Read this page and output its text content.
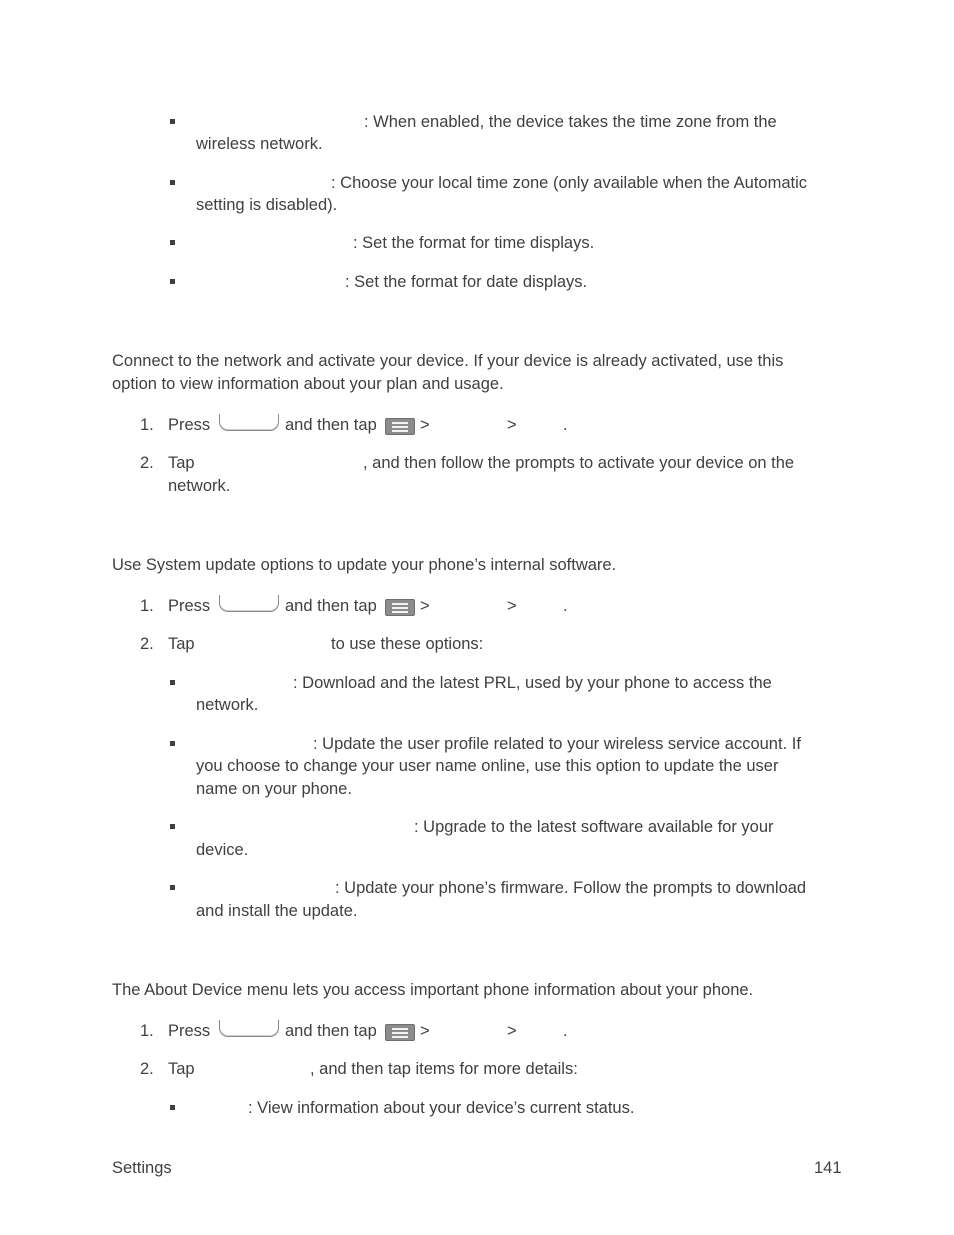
: When enabled, the device takes the time zone from the
wireless network.
: Choose your local time zone (only available when the Automatic
setting is disabled).
: Set the format for time displays.
: Set the format for date displays.
Connect to the network and activate your device. If your device is already activated, use this
option to view information about your plan and usage.
1. Press	and then tap	>	>	.
2. Tap	, and then follow the prompts to activate your device on the
network.
Use System update options to update your phone’s internal software.
1. Press	and then tap	>	>	.
2. Tap	to use these options:
: Download and the latest PRL, used by your phone to access the
network.
: Update the user profile related to your wireless service account. If
you choose to change your user name online, use this option to update the user
name on your phone.
: Upgrade to the latest software available for your
device.
: Update your phone’s firmware. Follow the prompts to download
and install the update.
The About Device menu lets you access important phone information about your phone.
1. Press	and then tap	>	>	.
2. Tap	, and then tap items for more details:
: View information about your device’s current status.
Settings	141
